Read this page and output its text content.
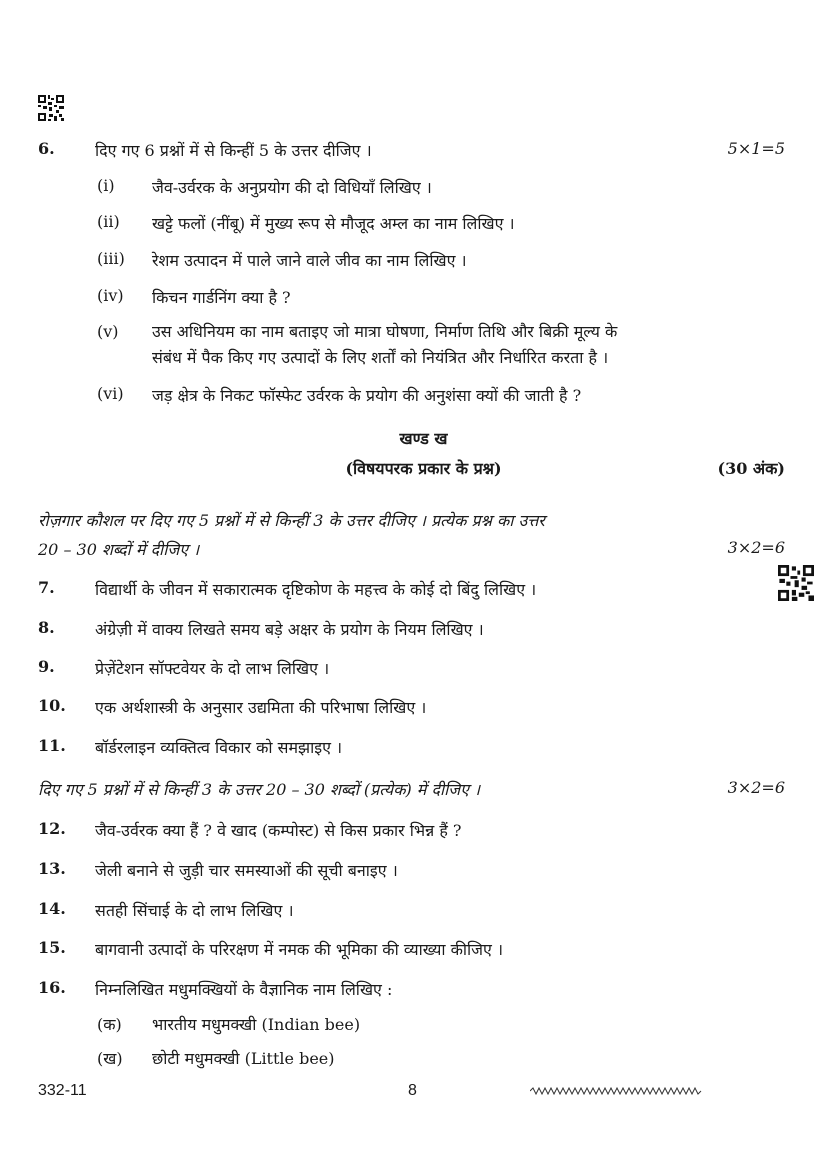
6.	दिए गए 6 प्रश्नों में से किन्हीं 5 के उत्तर दीजिए ।	5×1=5
(i) जैव-उर्वरक के अनुप्रयोग की दो विधियाँ लिखिए ।
(ii) खट्टे फलों (नींबू) में मुख्य रूप से मौजूद अम्ल का नाम लिखिए ।
(iii) रेशम उत्पादन में पाले जाने वाले जीव का नाम लिखिए ।
(iv) किचन गार्डनिंग क्या है ?
(v) उस अधिनियम का नाम बताइए जो मात्रा घोषणा, निर्माण तिथि और बिक्री मूल्य के
संबंध में पैक किए गए उत्पादों के लिए शर्तों को नियंत्रित और निर्धारित करता है ।
(vi) जड़ क्षेत्र के निकट फॉस्फेट उर्वरक के प्रयोग की अनुशंसा क्यों की जाती है ?
खण्ड ख
(विषयपरक प्रकार के प्रश्न)	(30 अंक)
रोज़गार कौशल पर दिए गए 5 प्रश्नों में से किन्हीं 3 के उत्तर दीजिए । प्रत्येक प्रश्न का उत्तर
20 – 30 शब्दों में दीजिए ।	3×2=6
7.	विद्यार्थी के जीवन में सकारात्मक दृष्टिकोण के महत्त्व के कोई दो बिंदु लिखिए ।
8.	अंग्रेज़ी में वाक्य लिखते समय बड़े अक्षर के प्रयोग के नियम लिखिए ।
9.	प्रेज़ेंटेशन सॉफ्टवेयर के दो लाभ लिखिए ।
10. एक अर्थशास्त्री के अनुसार उद्यमिता की परिभाषा लिखिए ।
11. बॉर्डरलाइन व्यक्तित्व विकार को समझाइए ।
दिए गए 5 प्रश्नों में से किन्हीं 3 के उत्तर 20 – 30 शब्दों (प्रत्येक) में दीजिए ।	3×2=6
12. जैव-उर्वरक क्या हैं ? वे खाद (कम्पोस्ट) से किस प्रकार भिन्न हैं ?
13. जेली बनाने से जुड़ी चार समस्याओं की सूची बनाइए ।
14. सतही सिंचाई के दो लाभ लिखिए ।
15. बागवानी उत्पादों के परिरक्षण में नमक की भूमिका की व्याख्या कीजिए ।
16. निम्नलिखित मधुमक्खियों के वैज्ञानिक नाम लिखिए :
(क) भारतीय मधुमक्खी (Indian bee)
(ख) छोटी मधुमक्खी (Little bee)
332-11	8
